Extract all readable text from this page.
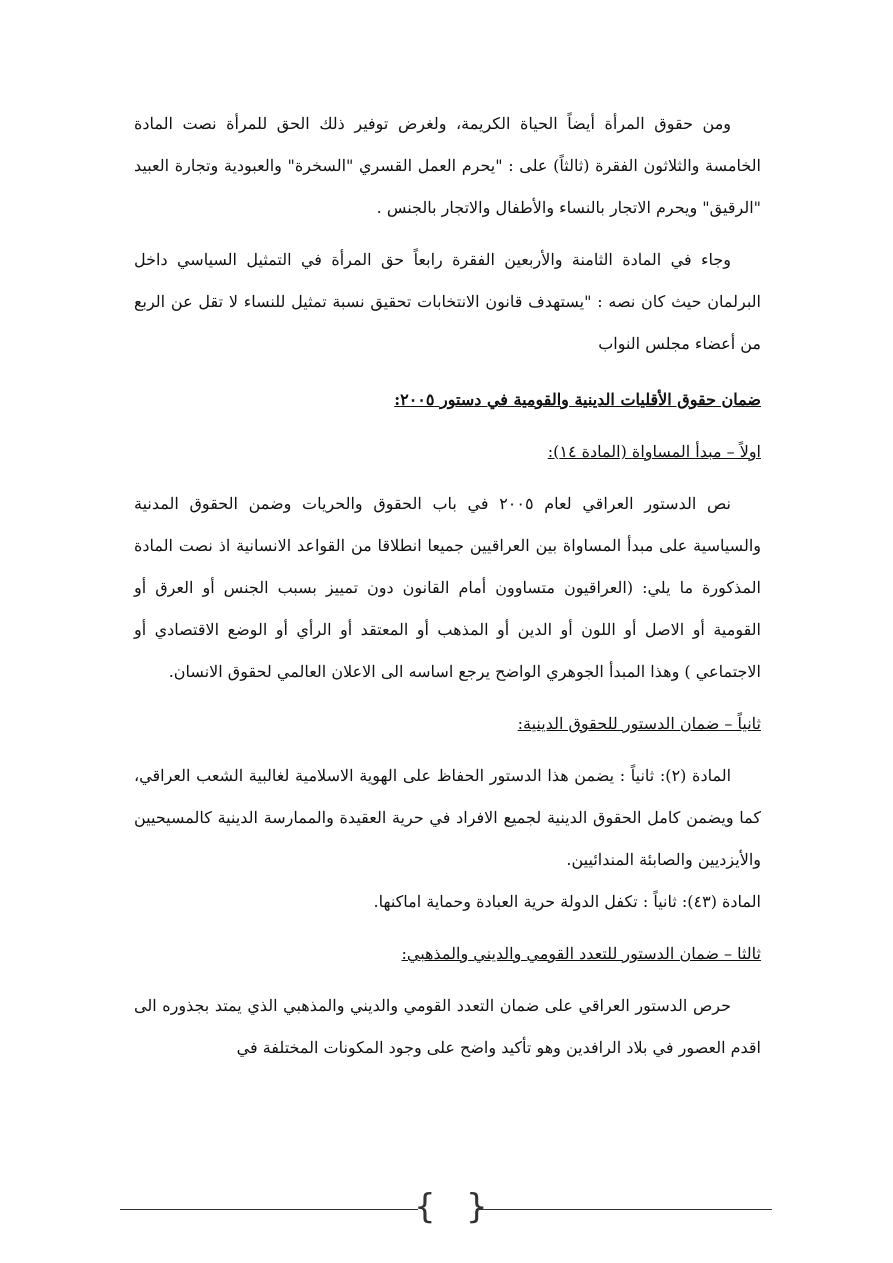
ومن حقوق المرأة أيضاً الحياة الكريمة، ولغرض توفير ذلك الحق للمرأة نصت المادة الخامسة والثلاثون الفقرة (ثالثاً) على : "يحرم العمل القسري "السخرة" والعبودية وتجارة العبيد "الرقيق" ويحرم الاتجار بالنساء والأطفال والاتجار بالجنس .

وجاء في المادة الثامنة والأربعين الفقرة رابعاً حق المرأة في التمثيل السياسي داخل البرلمان حيث كان نصه : "يستهدف قانون الانتخابات تحقيق نسبة تمثيل للنساء لا تقل عن الربع من أعضاء مجلس النواب

ضمان حقوق الأقليات الدينية والقومية في دستور ٢٠٠٥:

اولاً – مبدأ المساواة (المادة ١٤):

نص الدستور العراقي لعام ٢٠٠٥ في باب الحقوق والحريات وضمن الحقوق المدنية والسياسية على مبدأ المساواة بين العراقيين جميعا انطلاقا من القواعد الانسانية اذ نصت المادة المذكورة ما يلي: (العراقيون متساوون أمام القانون دون تمييز بسبب الجنس أو العرق أو القومية أو الاصل أو اللون أو الدين أو المذهب أو المعتقد أو الرأي أو الوضع الاقتصادي أو الاجتماعي ) وهذا المبدأ الجوهري الواضح يرجع اساسه الى الاعلان العالمي لحقوق الانسان.

ثانياً – ضمان الدستور للحقوق الدينية:

المادة (٢): ثانياً : يضمن هذا الدستور الحفاظ على الهوية الاسلامية لغالبية الشعب العراقي، كما ويضمن كامل الحقوق الدينية لجميع الافراد في حرية العقيدة والممارسة الدينية كالمسيحيين والأيزديين والصابئة المندائيين.

المادة (٤٣): ثانياً : تكفل الدولة حرية العبادة وحماية اماكنها.

ثالثا – ضمان الدستور للتعدد القومي والديني والمذهبي:

حرص الدستور العراقي على ضمان التعدد القومي والديني والمذهبي الذي يمتد بجذوره الى اقدم العصور في بلاد الرافدين وهو تأكيد واضح على وجود المكونات المختلفة في

{ }
